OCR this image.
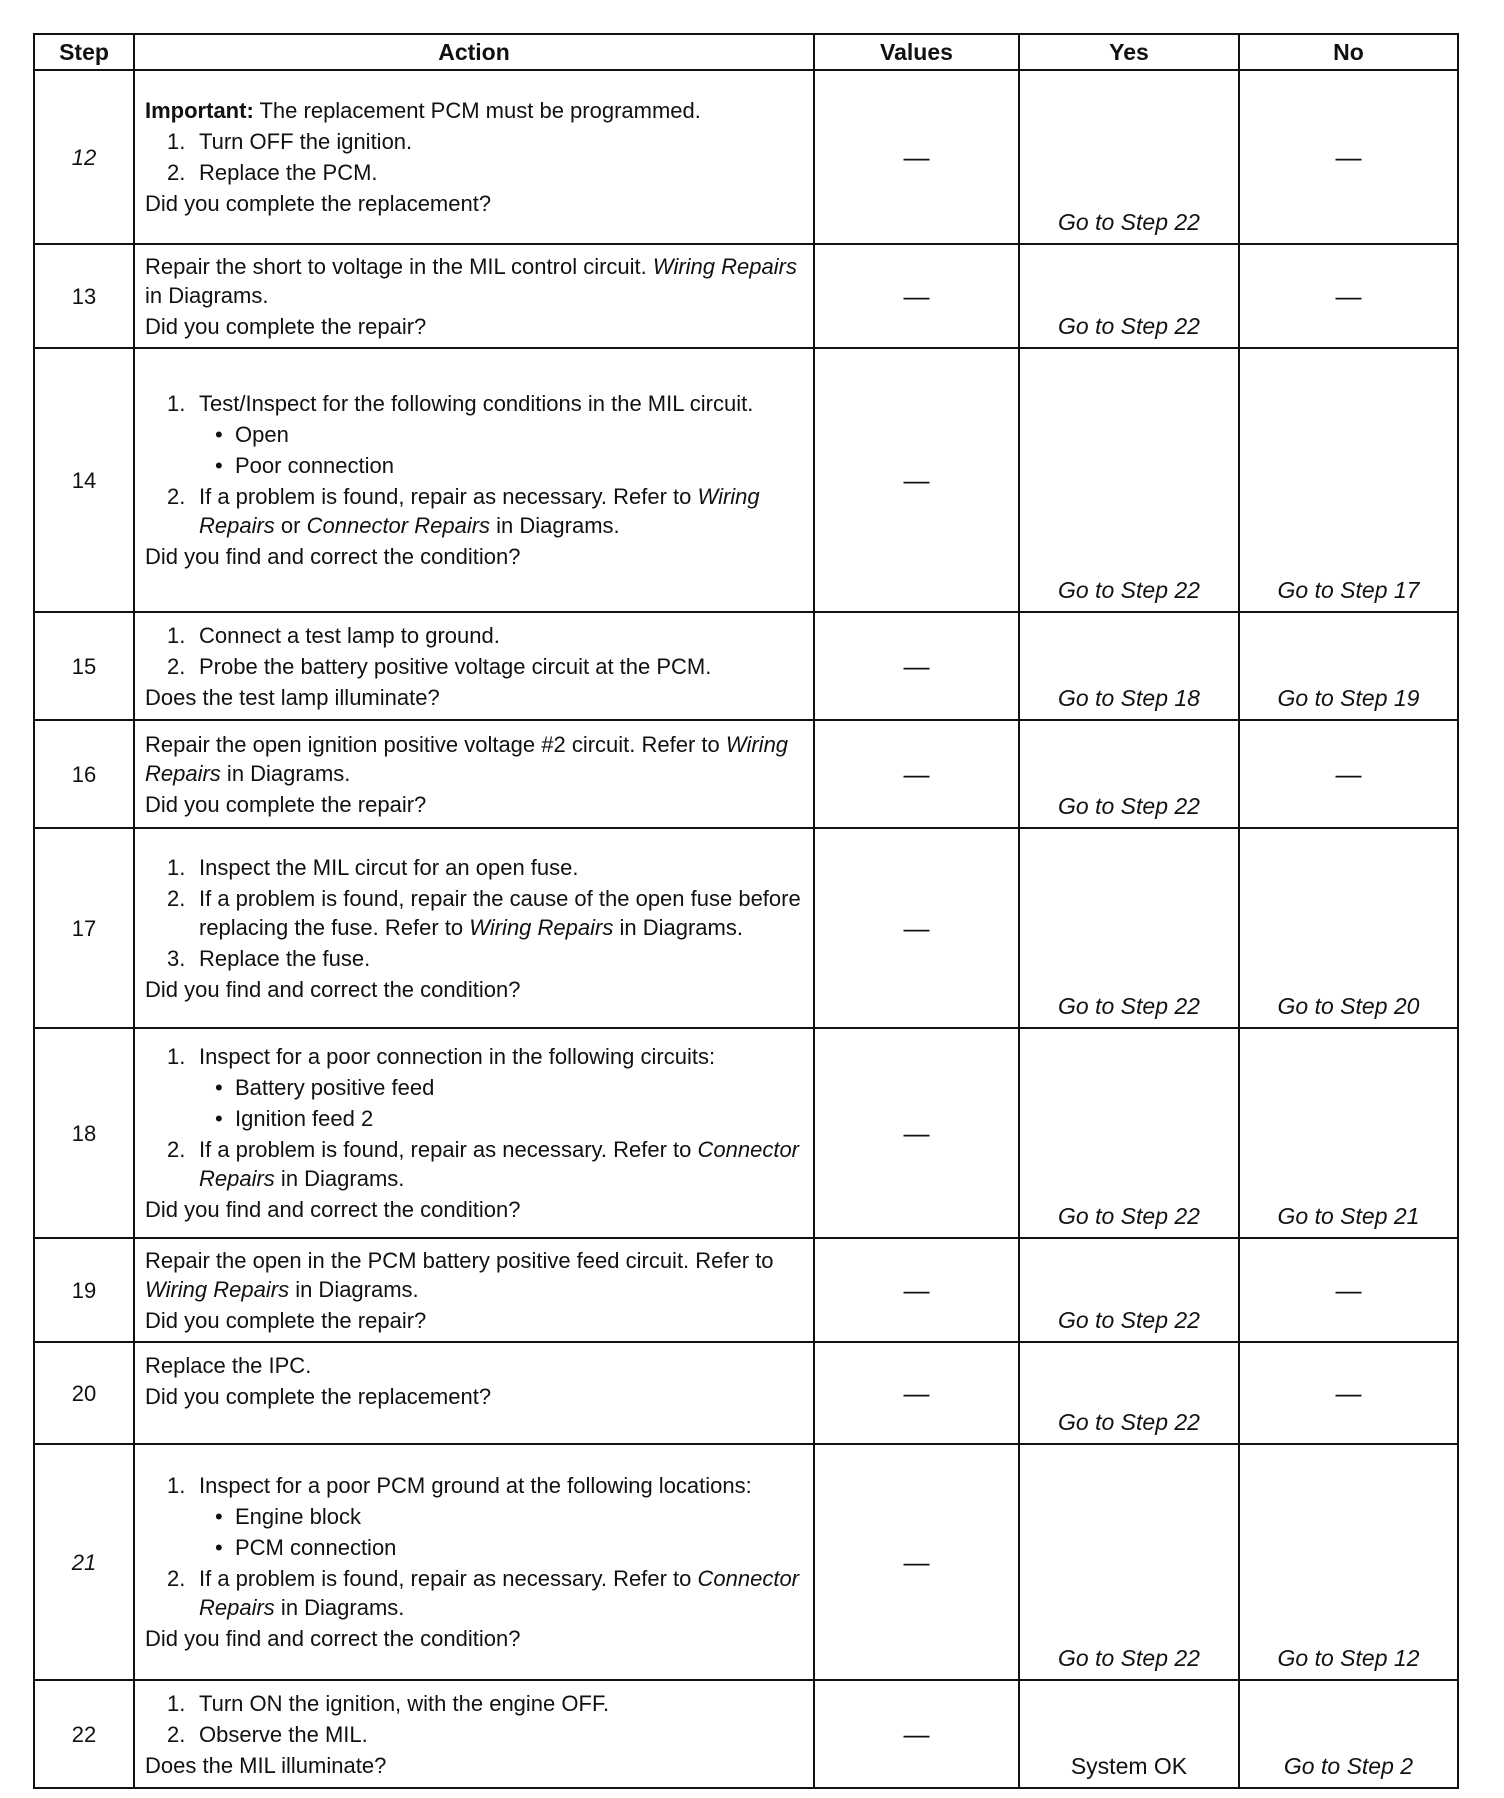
Step	Action	Values	Yes	No
12	Important: The replacement PCM must be programmed.
1. Turn OFF the ignition.
2. Replace the PCM.
Did you complete the replacement?	—	Go to Step 22	—
13	Repair the short to voltage in the MIL control circuit. Wiring Repairs in Diagrams.
Did you complete the repair?	—	Go to Step 22	—
14	1. Test/Inspect for the following conditions in the MIL circuit.
• Open
• Poor connection
2. If a problem is found, repair as necessary. Refer to Wiring Repairs or Connector Repairs in Diagrams.
Did you find and correct the condition?	—	Go to Step 22	Go to Step 17
15	1. Connect a test lamp to ground.
2. Probe the battery positive voltage circuit at the PCM.
Does the test lamp illuminate?	—	Go to Step 18	Go to Step 19
16	Repair the open ignition positive voltage #2 circuit. Refer to Wiring Repairs in Diagrams.
Did you complete the repair?	—	Go to Step 22	—
17	1. Inspect the MIL circut for an open fuse.
2. If a problem is found, repair the cause of the open fuse before replacing the fuse. Refer to Wiring Repairs in Diagrams.
3. Replace the fuse.
Did you find and correct the condition?	—	Go to Step 22	Go to Step 20
18	1. Inspect for a poor connection in the following circuits:
• Battery positive feed
• Ignition feed 2
2. If a problem is found, repair as necessary. Refer to Connector Repairs in Diagrams.
Did you find and correct the condition?	—	Go to Step 22	Go to Step 21
19	Repair the open in the PCM battery positive feed circuit. Refer to Wiring Repairs in Diagrams.
Did you complete the repair?	—	Go to Step 22	—
20	Replace the IPC.
Did you complete the replacement?	—	Go to Step 22	—
21	1. Inspect for a poor PCM ground at the following locations:
• Engine block
• PCM connection
2. If a problem is found, repair as necessary. Refer to Connector Repairs in Diagrams.
Did you find and correct the condition?	—	Go to Step 22	Go to Step 12
22	1. Turn ON the ignition, with the engine OFF.
2. Observe the MIL.
Does the MIL illuminate?	—	System OK	Go to Step 2
